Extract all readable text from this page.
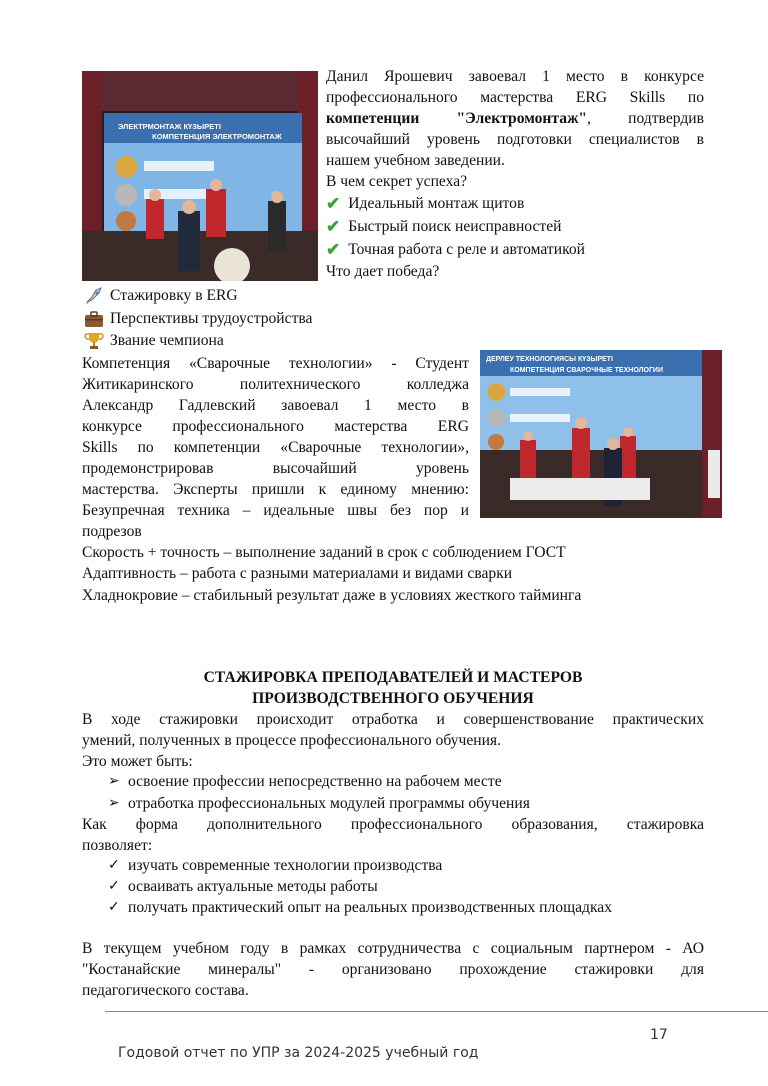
ЭЛЕКТРМОНТАЖ КҮЗЫРЕТІ
КОМПЕТЕНЦИЯ ЭЛЕКТРОМОНТАЖ
Данил Ярошевич завоевал 1 место в конкурсе
профессионального мастерства ERG Skills по
компетенции "Электромонтаж", подтвердив
высочайший уровень подготовки специалистов в
нашем учебном заведении.
В чем секрет успеха?
✔ Идеальный монтаж щитов
✔ Быстрый поиск неисправностей
✔ Точная работа с реле и автоматикой
Что дает победа?
Стажировку в ERG
Перспективы трудоустройства
Звание чемпиона
ДЕРЛЕУ ТЕХНОЛОГИЯСЫ КҮЗЫРЕТІ
КОМПЕТЕНЦИЯ СВАРОЧНЫЕ ТЕХНОЛОГИИ
Компетенция «Сварочные технологии» - Студент
Житикаринского политехнического колледжа
Александр Гадлевский завоевал 1 место в
конкурсе профессионального мастерства ERG
Skills по компетенции «Сварочные технологии»,
продемонстрировав высочайший уровень
мастерства. Эксперты пришли к единому мнению:
Безупречная техника – идеальные швы без пор и
подрезов
Скорость + точность – выполнение заданий в срок с соблюдением ГОСТ
Адаптивность – работа с разными материалами и видами сварки
Хладнокровие – стабильный результат даже в условиях жесткого тайминга
СТАЖИРОВКА ПРЕПОДАВАТЕЛЕЙ И МАСТЕРОВ
ПРОИЗВОДСТВЕННОГО ОБУЧЕНИЯ
В ходе стажировки происходит отработка и совершенствование практических
умений, полученных в процессе профессионального обучения.
Это может быть:
➢ освоение профессии непосредственно на рабочем месте
➢ отработка профессиональных модулей программы обучения
Как форма дополнительного профессионального образования, стажировка
позволяет:
✓ изучать современные технологии производства
✓ осваивать актуальные методы работы
✓ получать практический опыт на реальных производственных площадках
В текущем учебном году в рамках сотрудничества с социальным партнером - АО
"Костанайские минералы" - организовано прохождение стажировки для
педагогического состава.
17
Годовой отчет по УПР за 2024-2025 учебный год
